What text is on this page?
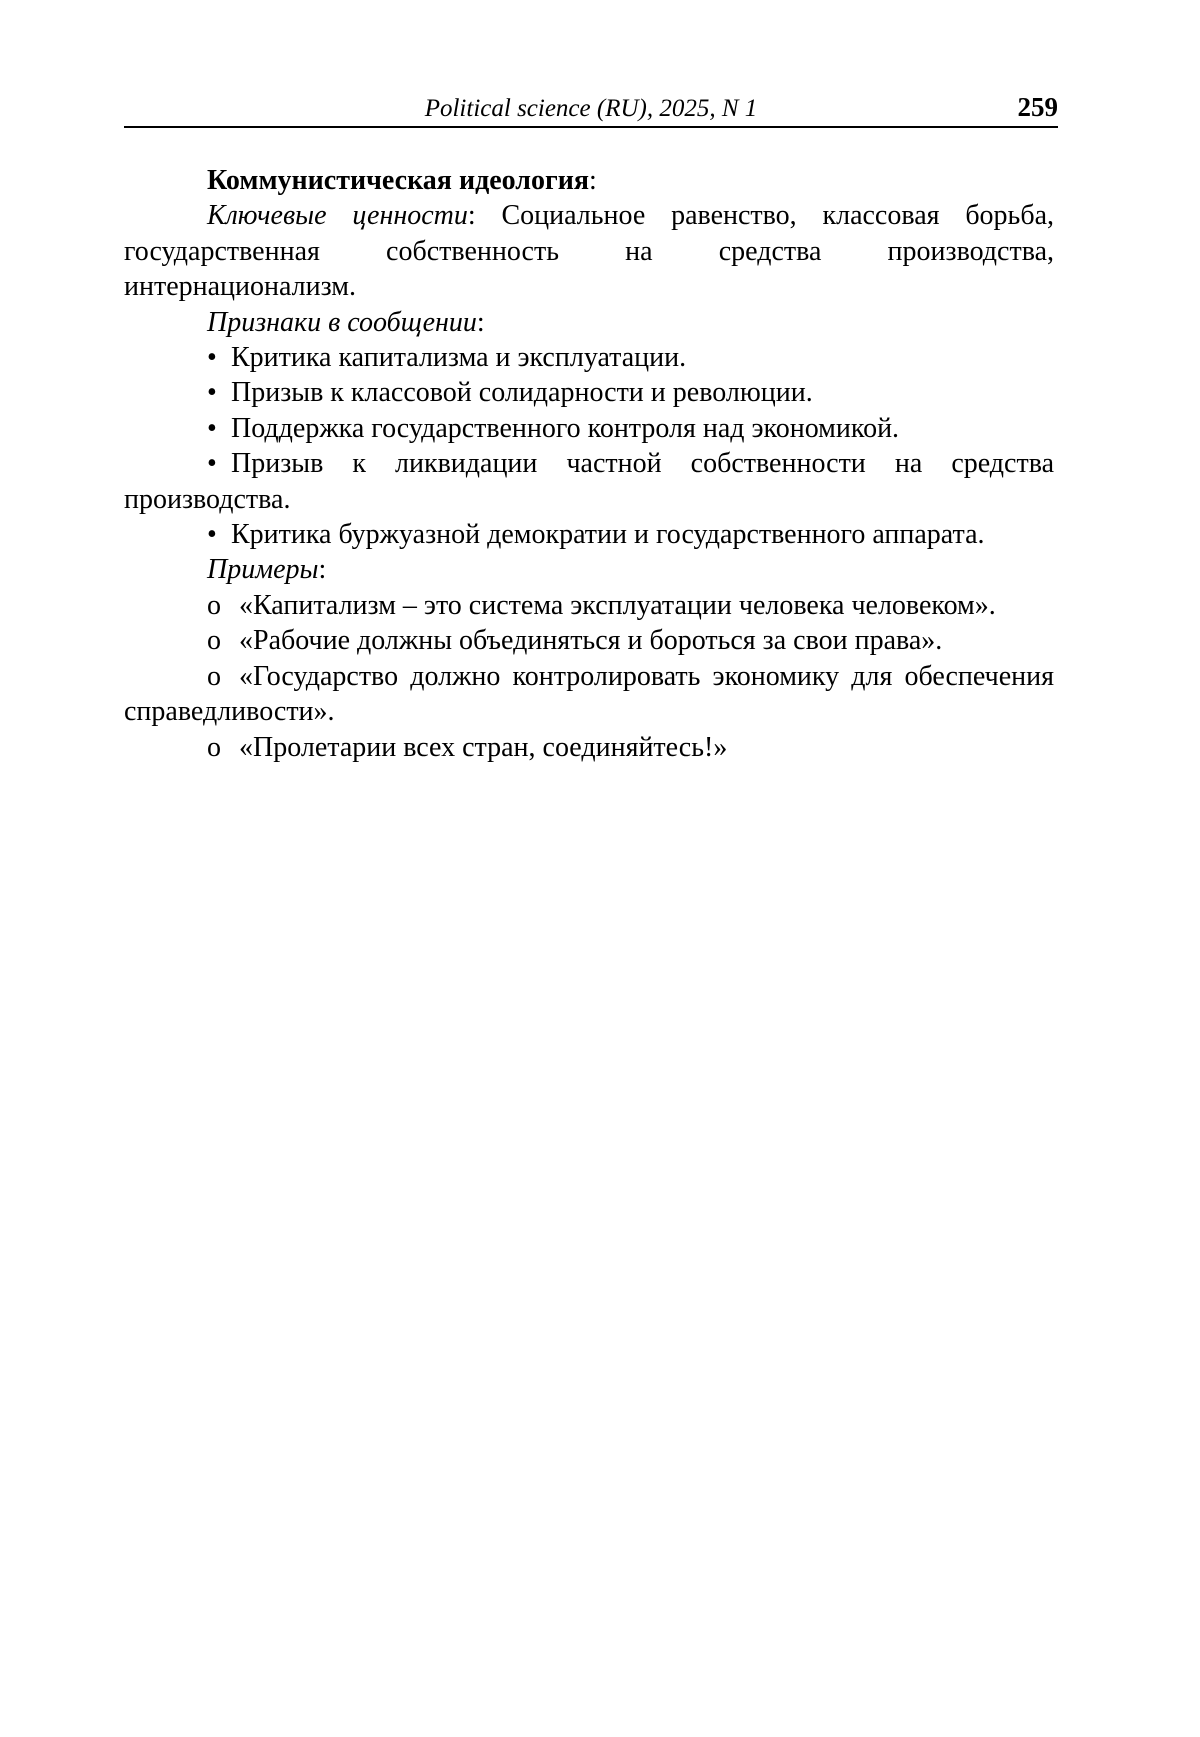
Political science (RU), 2025, N 1	259

Коммунистическая идеология:

Ключевые ценности: Социальное равенство, классовая борьба, государственная собственность на средства производства, интернационализм.

Признаки в сообщении:

• Критика капитализма и эксплуатации.

• Призыв к классовой солидарности и революции.

• Поддержка государственного контроля над экономикой.

• Призыв к ликвидации частной собственности на средства производства.

• Критика буржуазной демократии и государственного аппарата.

Примеры:

o «Капитализм – это система эксплуатации человека человеком».

o «Рабочие должны объединяться и бороться за свои права».

o «Государство должно контролировать экономику для обеспечения справедливости».

o «Пролетарии всех стран, соединяйтесь!»
